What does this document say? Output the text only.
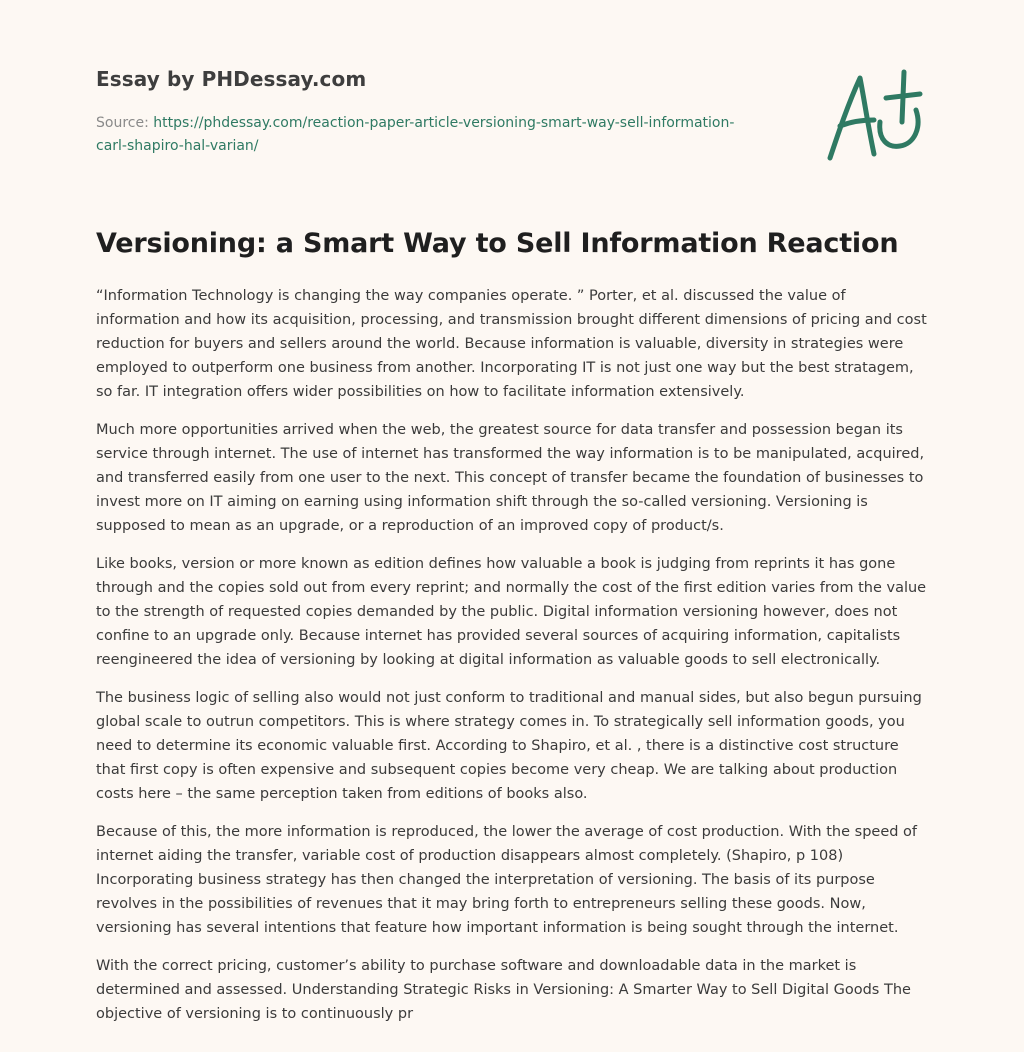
Essay by PHDessay.com
Source: https://phdessay.com/reaction-paper-article-versioning-smart-way-sell-information-carl-shapiro-hal-varian/
Versioning: a Smart Way to Sell Information Reaction

“Information Technology is changing the way companies operate. ” Porter, et al. discussed the value of information and how its acquisition, processing, and transmission brought different dimensions of pricing and cost reduction for buyers and sellers around the world. Because information is valuable, diversity in strategies were employed to outperform one business from another. Incorporating IT is not just one way but the best stratagem, so far. IT integration offers wider possibilities on how to facilitate information extensively.

Much more opportunities arrived when the web, the greatest source for data transfer and possession began its service through internet. The use of internet has transformed the way information is to be manipulated, acquired, and transferred easily from one user to the next. This concept of transfer became the foundation of businesses to invest more on IT aiming on earning using information shift through the so-called versioning. Versioning is supposed to mean as an upgrade, or a reproduction of an improved copy of product/s.

Like books, version or more known as edition defines how valuable a book is judging from reprints it has gone through and the copies sold out from every reprint; and normally the cost of the first edition varies from the value to the strength of requested copies demanded by the public. Digital information versioning however, does not confine to an upgrade only. Because internet has provided several sources of acquiring information, capitalists reengineered the idea of versioning by looking at digital information as valuable goods to sell electronically.

The business logic of selling also would not just conform to traditional and manual sides, but also begun pursuing global scale to outrun competitors. This is where strategy comes in. To strategically sell information goods, you need to determine its economic valuable first. According to Shapiro, et al. , there is a distinctive cost structure that first copy is often expensive and subsequent copies become very cheap. We are talking about production costs here – the same perception taken from editions of books also.

Because of this, the more information is reproduced, the lower the average of cost production. With the speed of internet aiding the transfer, variable cost of production disappears almost completely. (Shapiro, p 108) Incorporating business strategy has then changed the interpretation of versioning. The basis of its purpose revolves in the possibilities of revenues that it may bring forth to entrepreneurs selling these goods. Now, versioning has several intentions that feature how important information is being sought through the internet.

With the correct pricing, customer’s ability to purchase software and downloadable data in the market is determined and assessed. Understanding Strategic Risks in Versioning: A Smarter Way to Sell Digital Goods The objective of versioning is to continuously pr
